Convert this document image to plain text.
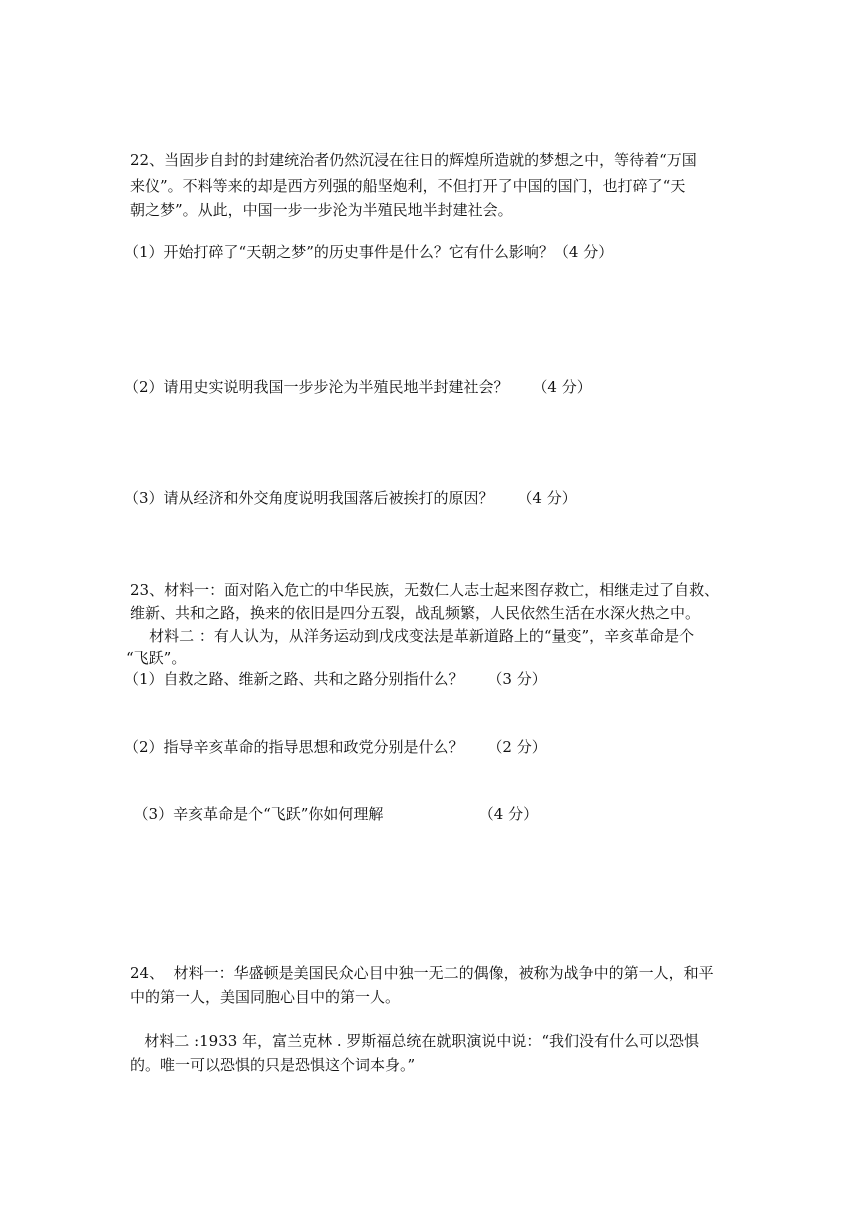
22、当固步自封的封建统治者仍然沉浸在往日的辉煌所造就的梦想之中，等待着“万国
来仪”。不料等来的却是西方列强的船坚炮利，不但打开了中国的国门，也打碎了“天
朝之梦”。从此，中国一步一步沦为半殖民地半封建社会。
（1）开始打碎了“天朝之梦”的历史事件是什么？它有什么影响？（4 分）
（2）请用史实说明我国一步步沦为半殖民地半封建社会？     （4 分）
（3）请从经济和外交角度说明我国落后被挨打的原因？     （4 分）
23、材料一：面对陷入危亡的中华民族，无数仁人志士起来图存救亡，相继走过了自救、
维新、共和之路，换来的依旧是四分五裂，战乱频繁，人民依然生活在水深火热之中。
材料二 ：有人认为，从洋务运动到戊戌变法是革新道路上的“量变”，辛亥革命是个
“飞跃”。
（1）自救之路、维新之路、共和之路分别指什么？     （3 分）
（2）指导辛亥革命的指导思想和政党分别是什么？     （2 分）
（3）辛亥革命是个“飞跃”你如何理解                    （4 分）
24、  材料一：华盛顿是美国民众心目中独一无二的偶像，被称为战争中的第一人，和平
中的第一人，美国同胞心目中的第一人。
材料二 :1933 年，富兰克林 . 罗斯福总统在就职演说中说：“我们没有什么可以恐惧
的。唯一可以恐惧的只是恐惧这个词本身。”
